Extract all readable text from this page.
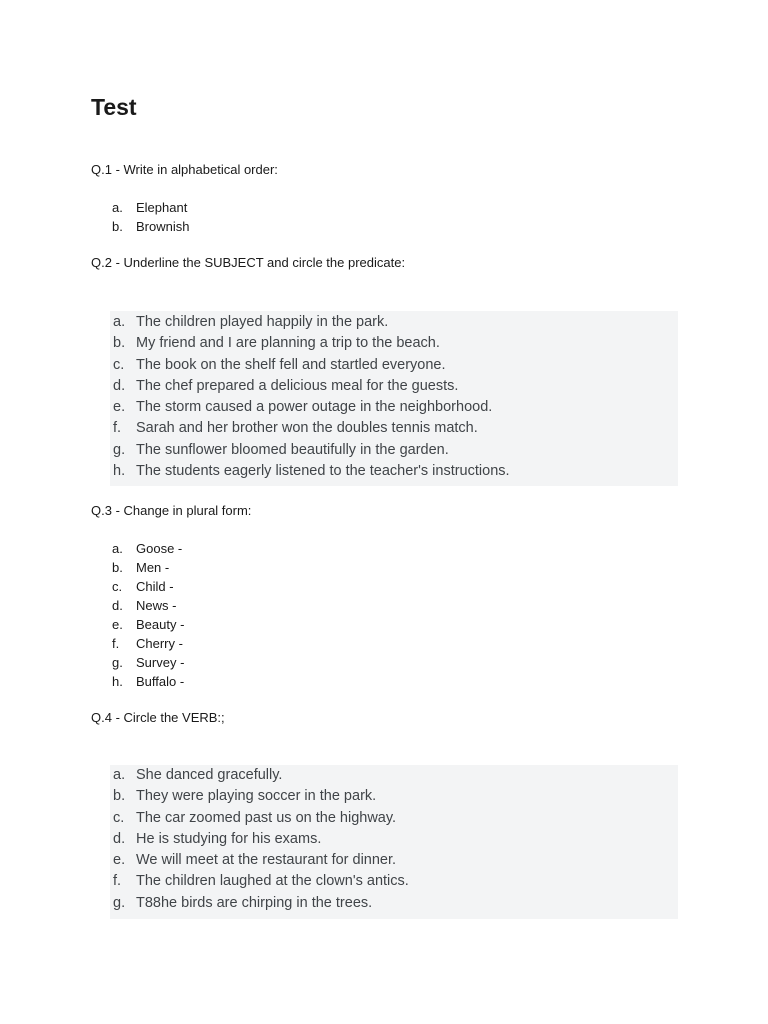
Test

Q.1 - Write in alphabetical order:

a.	Elephant
b.	Brownish

Q.2 - Underline the SUBJECT and circle the predicate:

a. The children played happily in the park.
b. My friend and I are planning a trip to the beach.
c. The book on the shelf fell and startled everyone.
d. The chef prepared a delicious meal for the guests.
e. The storm caused a power outage in the neighborhood.
f.	Sarah and her brother won the doubles tennis match.
g. The sunflower bloomed beautifully in the garden.
h. The students eagerly listened to the teacher's instructions.

Q.3 - Change in plural form:

a.	Goose -
b.	Men -
c.	Child -
d.	News -
e.	Beauty -
f.	Cherry -
g.	Survey -
h.	Buffalo -

Q.4 - Circle the VERB:;

a. She danced gracefully.
b. They were playing soccer in the park.
c. The car zoomed past us on the highway.
d. He is studying for his exams.
e. We will meet at the restaurant for dinner.
f.	The children laughed at the clown's antics.
g. T88he birds are chirping in the trees.
